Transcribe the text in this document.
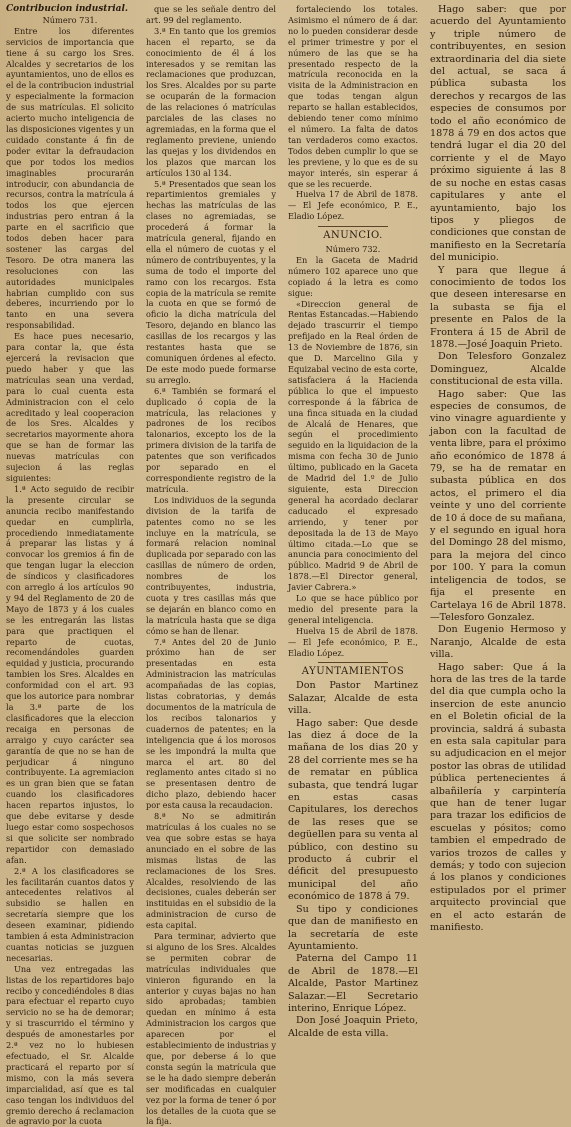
Contribucion industrial.

Número 731.

Entre los diferentes servicios de importancia que tiene á su cargo los Sres. Alcaldes y secretarios de los ayuntamientos, uno de ellos es el de la contribucion industrial y especialmente la formacion de sus matrículas. El solicito acierto mucho inteligencia de las disposiciones vigentes y un cuidado constante á fin de poder evitar la defraudacion que por todos los medios imaginables procurarán introducir, con abundancia de recursos, contra la matrícula á todos los que ejercen industrias pero entran á la parte en el sacrificio que todos deben hacer para sostener las cargas del Tesoro. De otra manera las resoluciones con las autoridades municipales habrian cumplido con sus deberes, incurriendo por lo tanto en una severa responsabilidad.

Es hace pues necesario, para contar la, que ésta ejercerá la revisacion que puedo haber y que las matrículas sean una verdad, para lo cual cuenta esta Administracion con el celo acreditado y leal cooperacion de los Sres. Alcaldes y secretarios mayormente ahora que se han de formar las nuevas matrículas con sujecion á las reglas siguientes:

1.ª Acto seguido de recibir la presente circular se anuncia recibo manifestando quedar en cumplirla, procediendo inmediatamente á preparar las listas y á convocar los gremios á fin de que tengan lugar la eleccion de síndicos y clasificadores con arreglo á los artículos 90 y 94 del Reglamento de 20 de Mayo de 1873 y á los cuales se les entregarán las listas para que practiquen el reparto de cuotas, recomendándoles guarden equidad y justicia, procurando tambien los Sres. Alcaldes en conformidad con el art. 93 que los autorice para nombrar la 3.ª parte de los clasificadores que la eleccion recaiga en personas de arraigo y cuyo carácter sea garantía de que no se han de perjudicar á ninguno contribuyente. La agremiacion es un gran bien que se fatan cuando los clasificadores hacen repartos injustos, lo que debe evitarse y desde luego estar como sospechosos si que solicite ser nombrado repartidor con demasiado afan.

2.ª A los clasificadores se les facilitarán cuantos datos y antecedentes relativos al subsidio se hallen en secretaría siempre que los deseen examinar, pidiendo tambien á esta Administracion cuantas noticias se juzguen necesarias.

Una vez entregadas las listas de los repartidores bajo recibo y concediéndoles 8 dias para efectuar el reparto cuyo servicio no se ha de demorar; y si trascurrido el término y después de amonestarles por 2.ª vez no lo hubiesen efectuado, el Sr. Alcalde practicará el reparto por sí mismo, con la más severa imparcialidad, así que es tal caso tengan los individuos del gremio derecho á reclamacion de agravio por la cuota

que se les señale dentro del art. 99 del reglamento.

3.ª En tanto que los gremios hacen el reparto, se da conocimiento de él á los interesados y se remitan las reclamaciones que produzcan, los Sres. Alcaldes por su parte se ocuparán de la formacion de las relaciones ó matrículas parciales de las clases no agremiadas, en la forma que el reglamento previene, uniendo las quejas y los dividendos en los plazos que marcan los artículos 130 al 134.

5.ª Presentados que sean los repartimientos gremiales y hechas las matrículas de las clases no agremiadas, se procederá á formar la matrícula general, fijando en ella el número de cuotas y el número de contribuyentes, y la suma de todo el importe del ramo con los recargos. Esta copia de la matrícula se remite la cuota en que se formó de oficio la dicha matrícula del Tesoro, dejando en blanco las casillas de los recargos y las restantes hasta que se comuniquen órdenes al efecto. De este modo puede formarse su arreglo.

6.ª También se formará el duplicado ó copia de la matrícula, las relaciones y padrones de los recibos talonarios, excepto los de la primera division de la tarifa de patentes que son verificados por separado en el correspondiente registro de la matrícula.

Los individuos de la segunda division de la tarifa de patentes como no se les incluye en la matrícula, se formará relacion nominal duplicada por separado con las casillas de número de orden, nombres de los contribuyentes, industria, cuota y tres casillas más que se dejarán en blanco como en la matrícula hasta que se diga cómo se han de llenar.

7.ª Antes del 20 de Junio próximo han de ser presentadas en esta Administracion las matrículas acompañadas de las copias, listas cobratorias, y demás documentos de la matrícula de los recibos talonarios y cuadernos de patentes; en la inteligencia que á los morosos se les impondrá la multa que marca el art. 80 del reglamento antes citado si no se presentasen dentro de dicho plazo, debiendo hacer por esta causa la recaudacion.

8.ª No se admitirán matrículas á los cuales no se vea que sobre estas se haya anunciado en el sobre de las mismas listas de las reclamaciones de los Sres. Alcaldes, resolviendo de las decisiones, cuales deberán ser instituidas en el subsidio de la administracion de curso de esta capital.

Para terminar, advierto que si alguno de los Sres. Alcaldes se permiten cobrar de matrículas individuales que vinieron figurando en la anterior y cuyas bajas no han sido aprobadas; tambien quedan en mínimo á esta Administracion los cargos que aparecen por el establecimiento de industrias y que, por deberse á lo que consta según la matrícula que se le ha dado siempre deberán ser modificadas en cualquier vez por la forma de tener ó por los detalles de la cuota que se la fija.

fortaleciendo los totales. Asimismo el número de á dar. no lo pueden considerar desde el primer trimestre y por el número de las que se ha presentado respecto de la matrícula reconocida en la visita de la Administracion en que todas tengan algun reparto se hallan establecidos, debiendo tener como mínimo el número. La falta de datos tan verdaderos como exactos. Todos deben cumplir lo que se les previene, y lo que es de su mayor interés, sin esperar á que se les recuerde.

Huelva 17 de Abril de 1878.— El Jefe económico, P. E., Eladio López.

ANUNCIO.

Número 732.

En la Gaceta de Madrid número 102 aparece uno que copiado á la letra es como sigue:

«Direccion general de Rentas Estancadas.—Habiendo dejado trascurrir el tiempo prefijado en la Real órden de 13 de Noviembre de 1876, sin que D. Marcelino Gila y Equizabal vecino de esta corte, satisfaciera á la Hacienda pública lo que el impuesto corresponde á la fábrica de una finca situada en la ciudad de Alcalá de Henares, que según el procedimiento seguido en la liquidacion de la misma con fecha 30 de Junio último, publicado en la Gaceta de Madrid del 1.º de Julio siguiente, esta Direccion general ha acordado declarar caducado el expresado arriendo, y tener por depositada la de 13 de Mayo último citada.—Lo que se anuncia para conocimiento del público. Madrid 9 de Abril de 1878.—El Director general, Javier Cabrera.»

Lo que se hace público por medio del presente para la general inteligencia.

Huelva 15 de Abril de 1878.— El Jefe económico, P. E., Eladio López.

AYUNTAMIENTOS

Don Pastor Martinez Salazar, Alcalde de esta villa.

Hago saber: Que desde las diez á doce de la mañana de los dias 20 y 28 del corriente mes se ha de rematar en pública subasta, que tendrá lugar en estas casas Capitulares, los derechos de las reses que se degüellen para su venta al público, con destino su producto á cubrir el déficit del presupuesto municipal del año económico de 1878 á 79.

Su tipo y condiciones que dan de manifiesto en la secretaría de este Ayuntamiento.

Paterna del Campo 11 de Abril de 1878.—El Alcalde, Pastor Martinez Salazar.—El Secretario interino, Enrique López.

Don José Joaquin Prieto, Alcalde de esta villa.

Hago saber: que por acuerdo del Ayuntamiento y triple número de contribuyentes, en sesion extraordinaria del dia siete del actual, se saca á pública subasta los derechos y recargos de las especies de consumos por todo el año económico de 1878 á 79 en dos actos que tendrá lugar el dia 20 del corriente y el de Mayo próximo siguiente á las 8 de su noche en estas casas capitulares y ante el ayuntamiento, bajo los tipos y pliegos de condiciones que constan de manifiesto en la Secretaría del municipio.

Y para que llegue á conocimiento de todos los que deseen interesarse en la subasta se fija el presente en Palos de la Frontera á 15 de Abril de 1878.—José Joaquin Prieto.

Don Telesforo Gonzalez Dominguez, Alcalde constitucional de esta villa.

Hago saber: Que las especies de consumos, de vino vinagre aguardiente y jabon con la facultad de venta libre, para el próximo año económico de 1878 á 79, se ha de rematar en subasta pública en dos actos, el primero el dia veinte y uno del corriente de 10 á doce de su mañana, y el segundo en igual hora del Domingo 28 del mismo, para la mejora del cinco por 100. Y para la comun inteligencia de todos, se fija el presente en Cartelaya 16 de Abril 1878. —Telesforo Gonzalez.

Don Eugenio Hermoso y Naranjo, Alcalde de esta villa.

Hago saber: Que á la hora de las tres de la tarde del dia que cumpla ocho la insercion de este anuncio en el Boletin oficial de la provincia, saldrá á subasta en esta sala capitular para su adjudicacion en el mejor postor las obras de utilidad pública pertenecientes á albañilería y carpintería que han de tener lugar para trazar los edificios de escuelas y pósitos; como tambien el empedrado de varios trozos de calles y demás; y todo con sujecion á los planos y condiciones estipulados por el primer arquitecto provincial que en el acto estarán de manifiesto.
